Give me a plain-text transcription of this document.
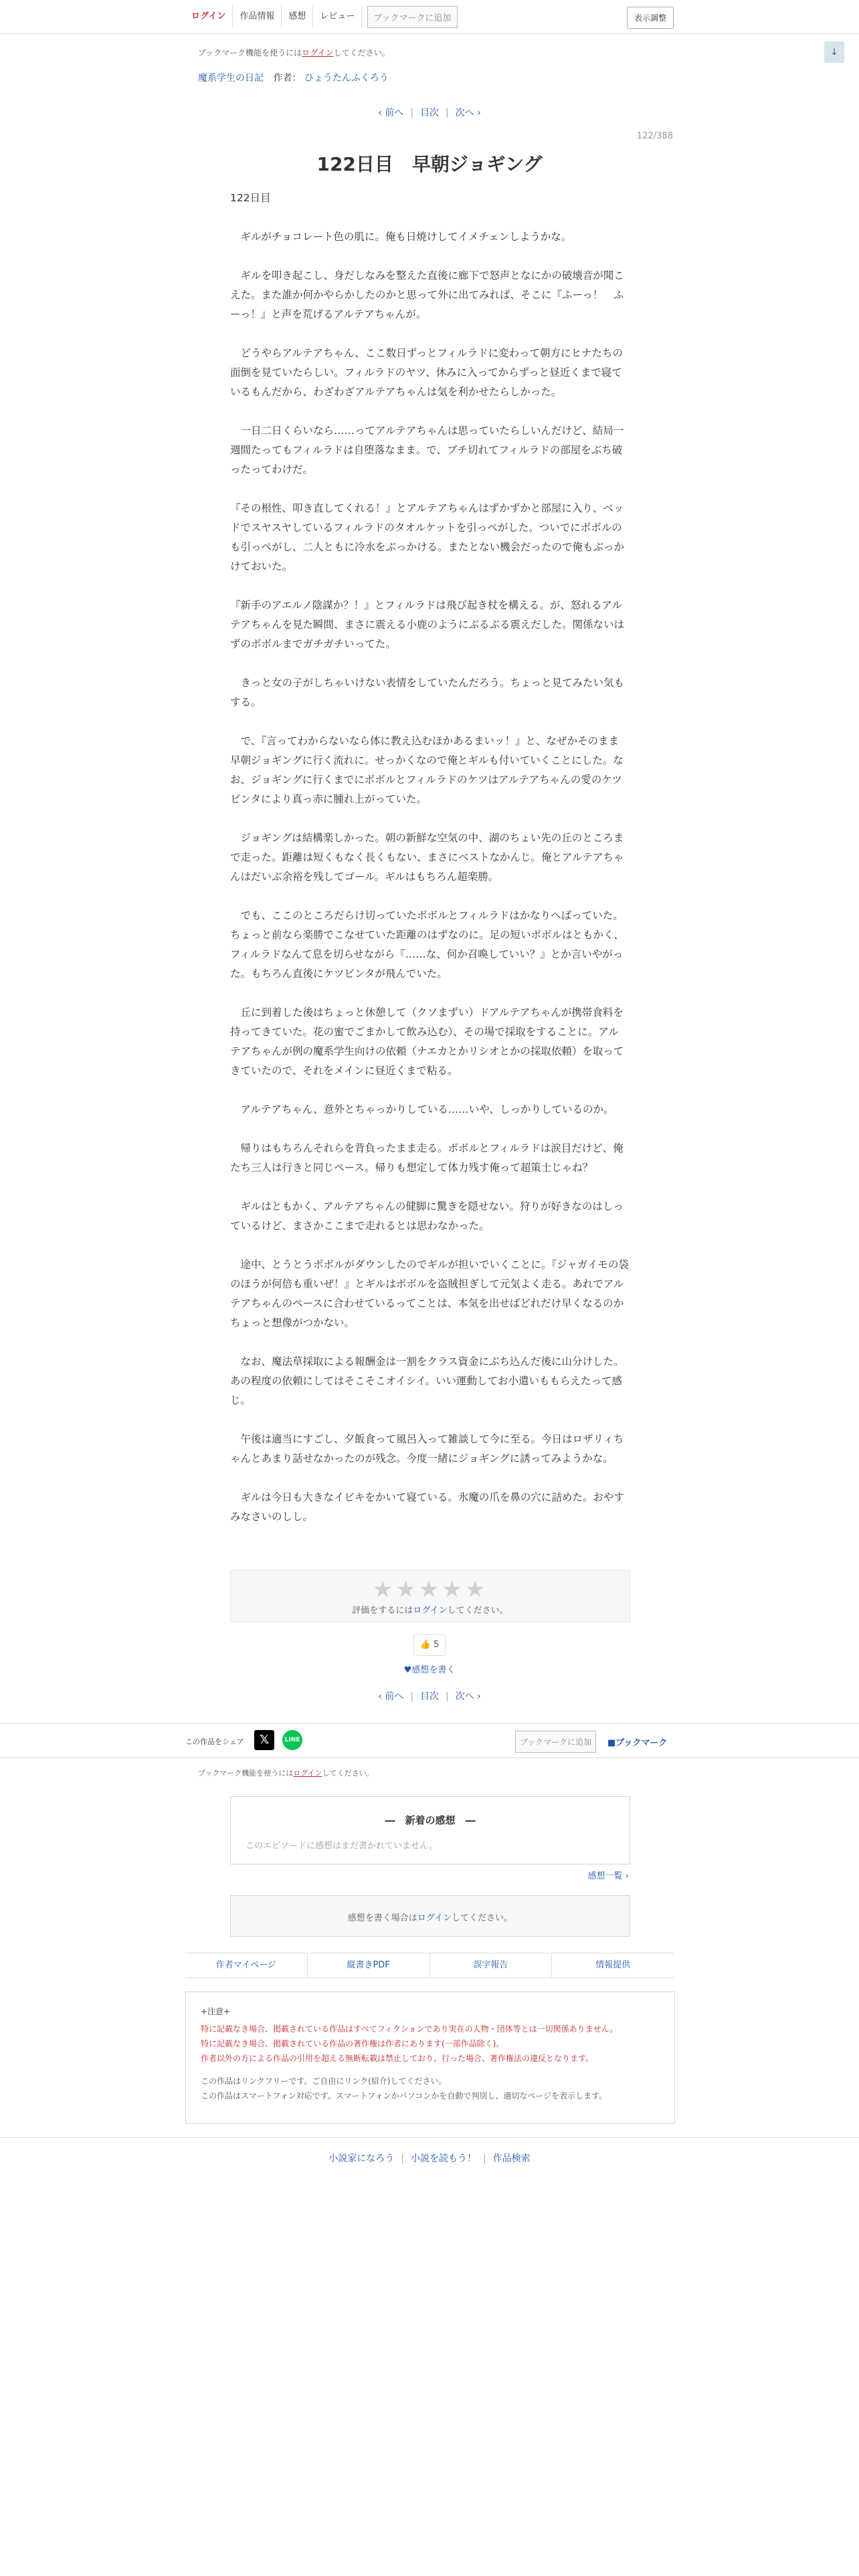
ログイン	作品情報	感想	レビュー	ブックマークに追加	表示調整
↓
ブックマーク機能を使うにはログインしてください。
魔系学生の日記 作者： ひょうたんふくろう
‹ 前へ | 目次 | 次へ ›
122/388
122日目　早朝ジョギング

122日目

　ギルがチョコレート色の肌に。俺も日焼けしてイメチェンしようかな。

　ギルを叩き起こし、身だしなみを整えた直後に廊下で怒声となにかの破壊音が聞こえた。また誰か何かやらかしたのかと思って外に出てみれば、そこに『ふーっ！　ふーっ！』と声を荒げるアルテアちゃんが。

　どうやらアルテアちゃん、ここ数日ずっとフィルラドに変わって朝方にヒナたちの面倒を見ていたらしい。フィルラドのヤツ、休みに入ってからずっと昼近くまで寝ているもんだから、わざわざアルテアちゃんは気を利かせたらしかった。

　一日二日くらいなら……ってアルテアちゃんは思っていたらしいんだけど、結局一週間たってもフィルラドは自堕落なまま。で、ブチ切れてフィルラドの部屋をぶち破ったってわけだ。

『その根性、叩き直してくれる！』とアルテアちゃんはずかずかと部屋に入り、ベッドでスヤスヤしているフィルラドのタオルケットを引っぺがした。ついでにボボルのも引っぺがし、二人ともに冷水をぶっかける。またとない機会だったので俺もぶっかけておいた。

『新手のアエルノ陰謀か？！』とフィルラドは飛び起き杖を構える。が、怒れるアルテアちゃんを見た瞬間、まさに震える小鹿のようにぶるぶる震えだした。関係ないはずのボボルまでガチガチいってた。

　きっと女の子がしちゃいけない表情をしていたんだろう。ちょっと見てみたい気もする。

　で、『言ってわからないなら体に教え込むほかあるまいッ！』と、なぜかそのまま早朝ジョギングに行く流れに。せっかくなので俺とギルも付いていくことにした。なお、ジョギングに行くまでにボボルとフィルラドのケツはアルテアちゃんの愛のケツビンタにより真っ赤に腫れ上がっていた。

　ジョギングは結構楽しかった。朝の新鮮な空気の中、湖のちょい先の丘のところまで走った。距離は短くもなく長くもない、まさにベストなかんじ。俺とアルテアちゃんはだいぶ余裕を残してゴール。ギルはもちろん超楽勝。

　でも、ここのところだらけ切っていたボボルとフィルラドはかなりへばっていた。ちょっと前なら楽勝でこなせていた距離のはずなのに。足の短いボボルはともかく、フィルラドなんて息を切らせながら『……な、何か召喚していい？』とか言いやがった。もちろん直後にケツビンタが飛んでいた。

　丘に到着した後はちょっと休憩して（クソまずい）ドアルテアちゃんが携帯食料を持ってきていた。花の蜜でごまかして飲み込む）、その場で採取をすることに。アルテアちゃんが例の魔系学生向けの依頼（ナエカとかリシオとかの採取依頼）を取ってきていたので、それをメインに昼近くまで粘る。

　アルテアちゃん、意外とちゃっかりしている……いや、しっかりしているのか。

　帰りはもちろんそれらを背負ったまま走る。ボボルとフィルラドは涙目だけど、俺たち三人は行きと同じペース。帰りも想定して体力残す俺って超策士じゃね？

　ギルはともかく、アルテアちゃんの健脚に驚きを隠せない。狩りが好きなのはしっているけど、まさかここまで走れるとは思わなかった。

　途中、とうとうボボルがダウンしたのでギルが担いでいくことに。『ジャガイモの袋のほうが何倍も重いぜ！』とギルはボボルを盗賊担ぎして元気よく走る。あれでアルテアちゃんのペースに合わせているってことは、本気を出せばどれだけ早くなるのかちょっと想像がつかない。

　なお、魔法草採取による報酬金は一割をクラス資金にぶち込んだ後に山分けした。あの程度の依頼にしてはそこそこオイシイ。いい運動してお小遣いももらえたって感じ。

　午後は適当にすごし、夕飯食って風呂入って雑談して今に至る。今日はロザリィちゃんとあまり話せなかったのが残念。今度一緒にジョギングに誘ってみようかな。

　ギルは今日も大きなイビキをかいて寝ている。氷魔の爪を鼻の穴に詰めた。おやすみなさいのしし。

★★★★★
評価をするにはログインしてください。
👍 5
♥感想を書く
‹ 前へ | 目次 | 次へ ›
この作品をシェア	𝕏	LINE	ブックマークに追加	■ブックマーク
ブックマーク機能を使うにはログインしてください。
―　新着の感想　―
このエピソードに感想はまだ書かれていません。
感想一覧 ›
感想を書く場合はログインしてください。
作者マイページ	縦書きPDF	誤字報告	情報提供
+注意+
特に記載なき場合、掲載されている作品はすべてフィクションであり実在の人物・団体等とは一切関係ありません。
特に記載なき場合、掲載されている作品の著作権は作者にあります(一部作品除く)。
作者以外の方による作品の引用を超える無断転載は禁止しており、行った場合、著作権法の違反となります。
この作品はリンクフリーです。ご自由にリンク(紹介)してください。
この作品はスマートフォン対応です。スマートフォンかパソコンかを自動で判別し、適切なページを表示します。
小説家になろう | 小説を読もう！ | 作品検索
